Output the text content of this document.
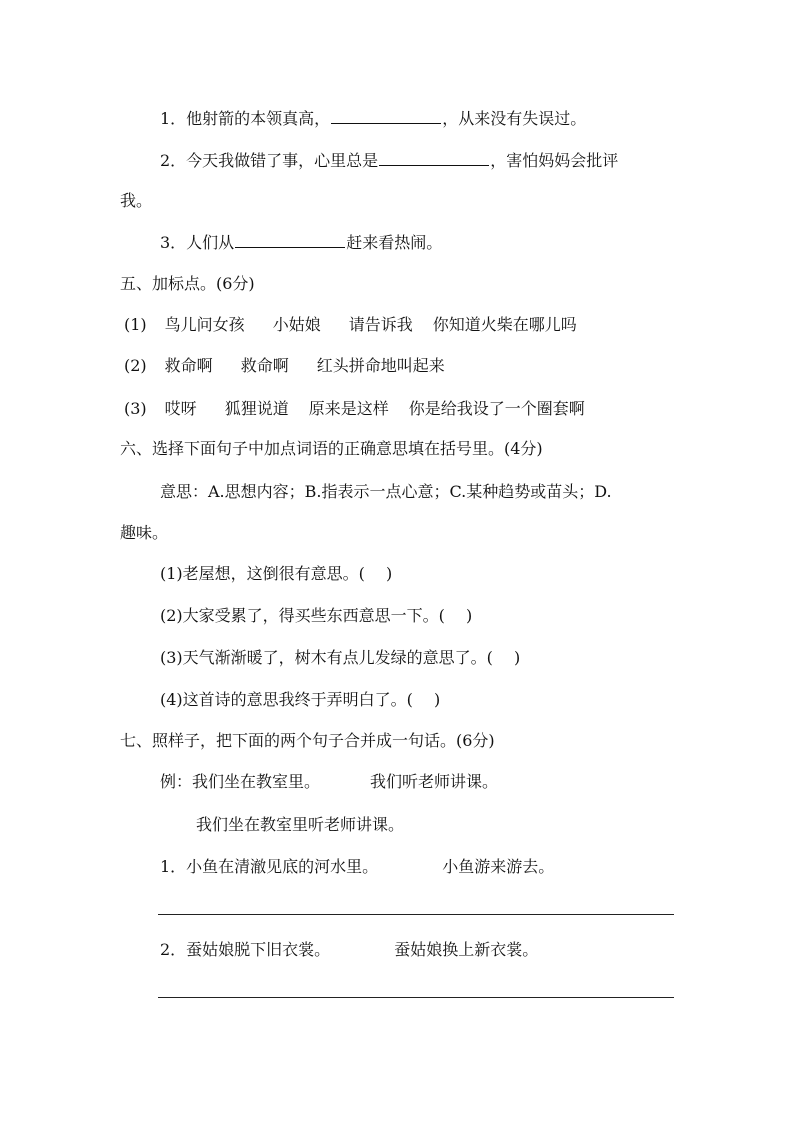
1．他射箭的本领真高，	，从来没有失误过。
2．今天我做错了事，心里总是	，害怕妈妈会批评
我。
3．人们从	赶来看热闹。
五、加标点。(6分)
(1) 鸟儿问女孩 小姑娘 请告诉我 你知道火柴在哪儿吗
(2) 救命啊 救命啊 红头拼命地叫起来
(3) 哎呀 狐狸说道 原来是这样 你是给我设了一个圈套啊
六、选择下面句子中加点词语的正确意思填在括号里。(4分)
意思：A.思想内容；B.指表示一点心意；C.某种趋势或苗头；D.
趣味。
(1)老屋想，这倒很有意思。(　 )
(2)大家受累了，得买些东西意思一下。(　 )
(3)天气渐渐暖了，树木有点儿发绿的意思了。(　 )
(4)这首诗的意思我终于弄明白了。(　 )
七、照样子，把下面的两个句子合并成一句话。(6分)
例：我们坐在教室里。	我们听老师讲课。
我们坐在教室里听老师讲课。
1．小鱼在清澈见底的河水里。	小鱼游来游去。
2．蚕姑娘脱下旧衣裳。	蚕姑娘换上新衣裳。
